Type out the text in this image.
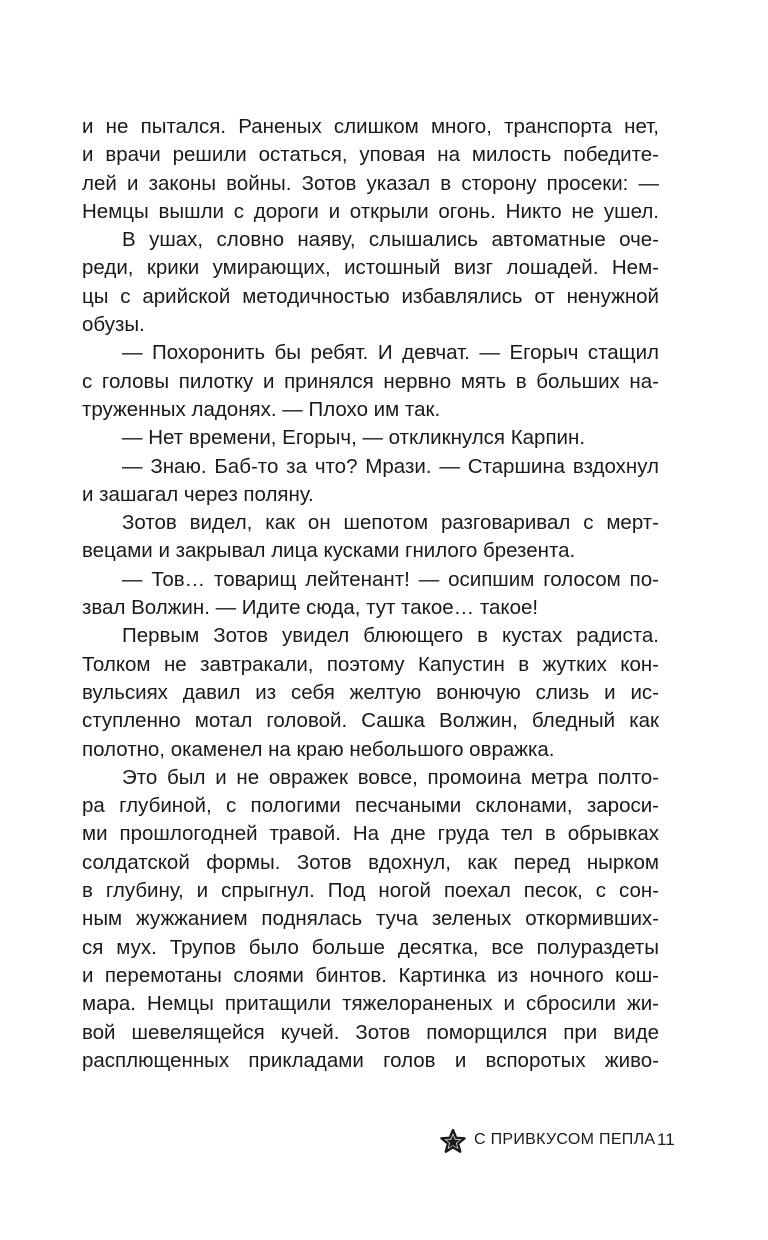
и не пытался. Раненых слишком много, транспорта нет,
и врачи решили остаться, уповая на милость победите-
лей и законы войны. Зотов указал в сторону просеки: —
Немцы вышли с дороги и открыли огонь. Никто не ушел.
В ушах, словно наяву, слышались автоматные оче-
реди, крики умирающих, истошный визг лошадей. Нем-
цы с арийской методичностью избавлялись от ненужной
обузы.
— Похоронить бы ребят. И девчат. — Егорыч стащил
с головы пилотку и принялся нервно мять в больших на-
труженных ладонях. — Плохо им так.
— Нет времени, Егорыч, — откликнулся Карпин.
— Знаю. Баб-то за что? Мрази. — Старшина вздохнул
и зашагал через поляну.
Зотов видел, как он шепотом разговаривал с мерт-
вецами и закрывал лица кусками гнилого брезента.
— Тов… товарищ лейтенант! — осипшим голосом по-
звал Волжин. — Идите сюда, тут такое… такое!
Первым Зотов увидел блюющего в кустах радиста.
Толком не завтракали, поэтому Капустин в жутких кон-
вульсиях давил из себя желтую вонючую слизь и ис-
ступленно мотал головой. Сашка Волжин, бледный как
полотно, окаменел на краю небольшого овражка.
Это был и не овражек вовсе, промоина метра полто-
ра глубиной, с пологими песчаными склонами, зароси-
ми прошлогодней травой. На дне груда тел в обрывках
солдатской формы. Зотов вдохнул, как перед нырком
в глубину, и спрыгнул. Под ногой поехал песок, с сон-
ным жужжанием поднялась туча зеленых откормивших-
ся мух. Трупов было больше десятка, все полураздеты
и перемотаны слоями бинтов. Картинка из ночного кош-
мара. Немцы притащили тяжелораненых и сбросили жи-
вой шевелящейся кучей. Зотов поморщился при виде
расплющенных прикладами голов и вспоротых живо-
С ПРИВКУСОМ ПЕПЛА 11
